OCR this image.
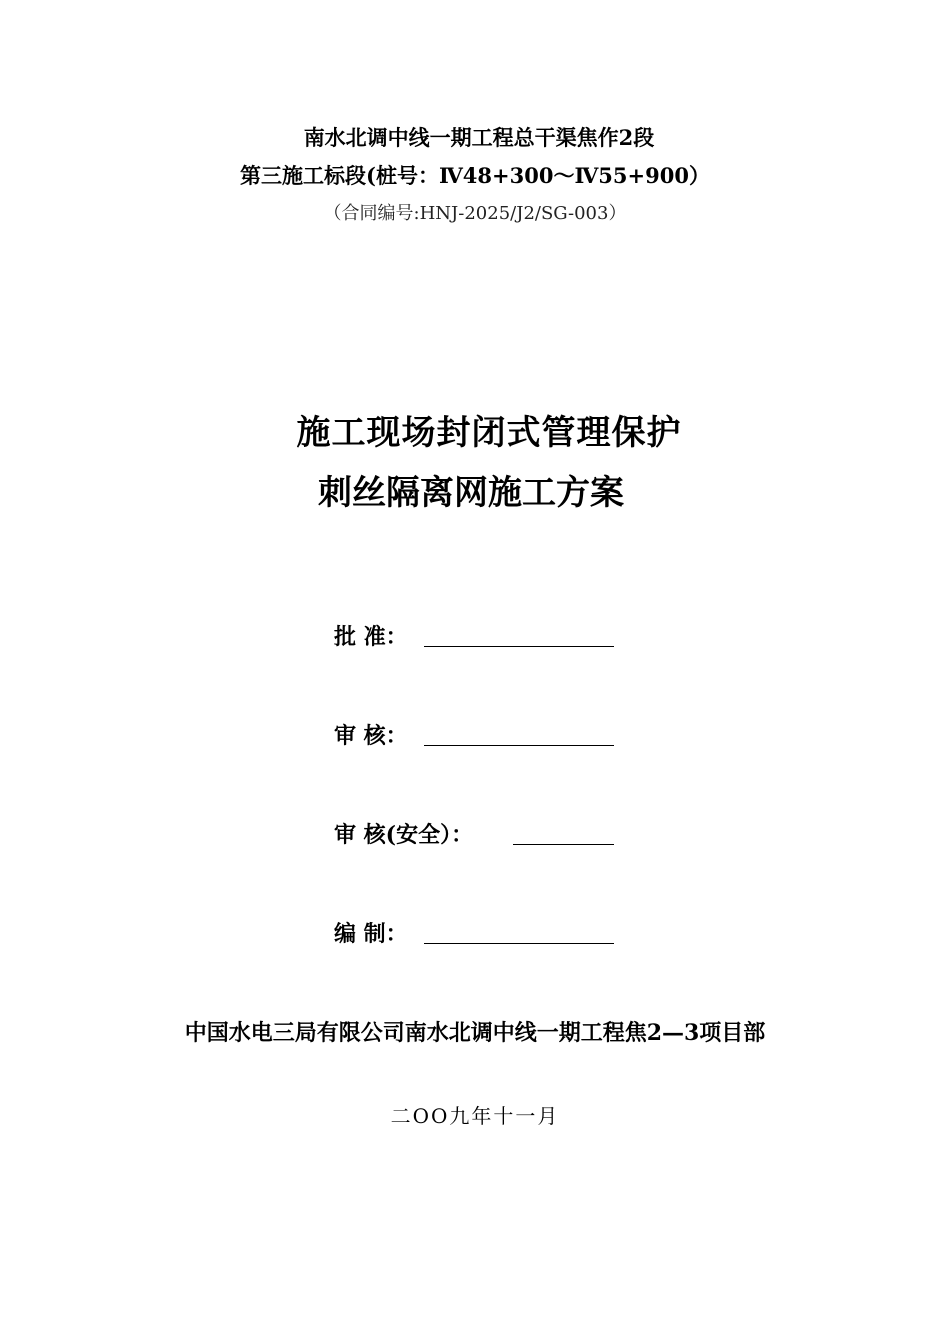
南水北调中线一期工程总干渠焦作2段
第三施工标段(桩号：Ⅳ48+300～Ⅳ55+900）
（合同编号:HNJ-2025/J2/SG-003）
施工现场封闭式管理保护
刺丝隔离网施工方案
批 准：
审 核：
审 核(安全）：
编 制：
中国水电三局有限公司南水北调中线一期工程焦2—3项目部
二OO九年十一月
